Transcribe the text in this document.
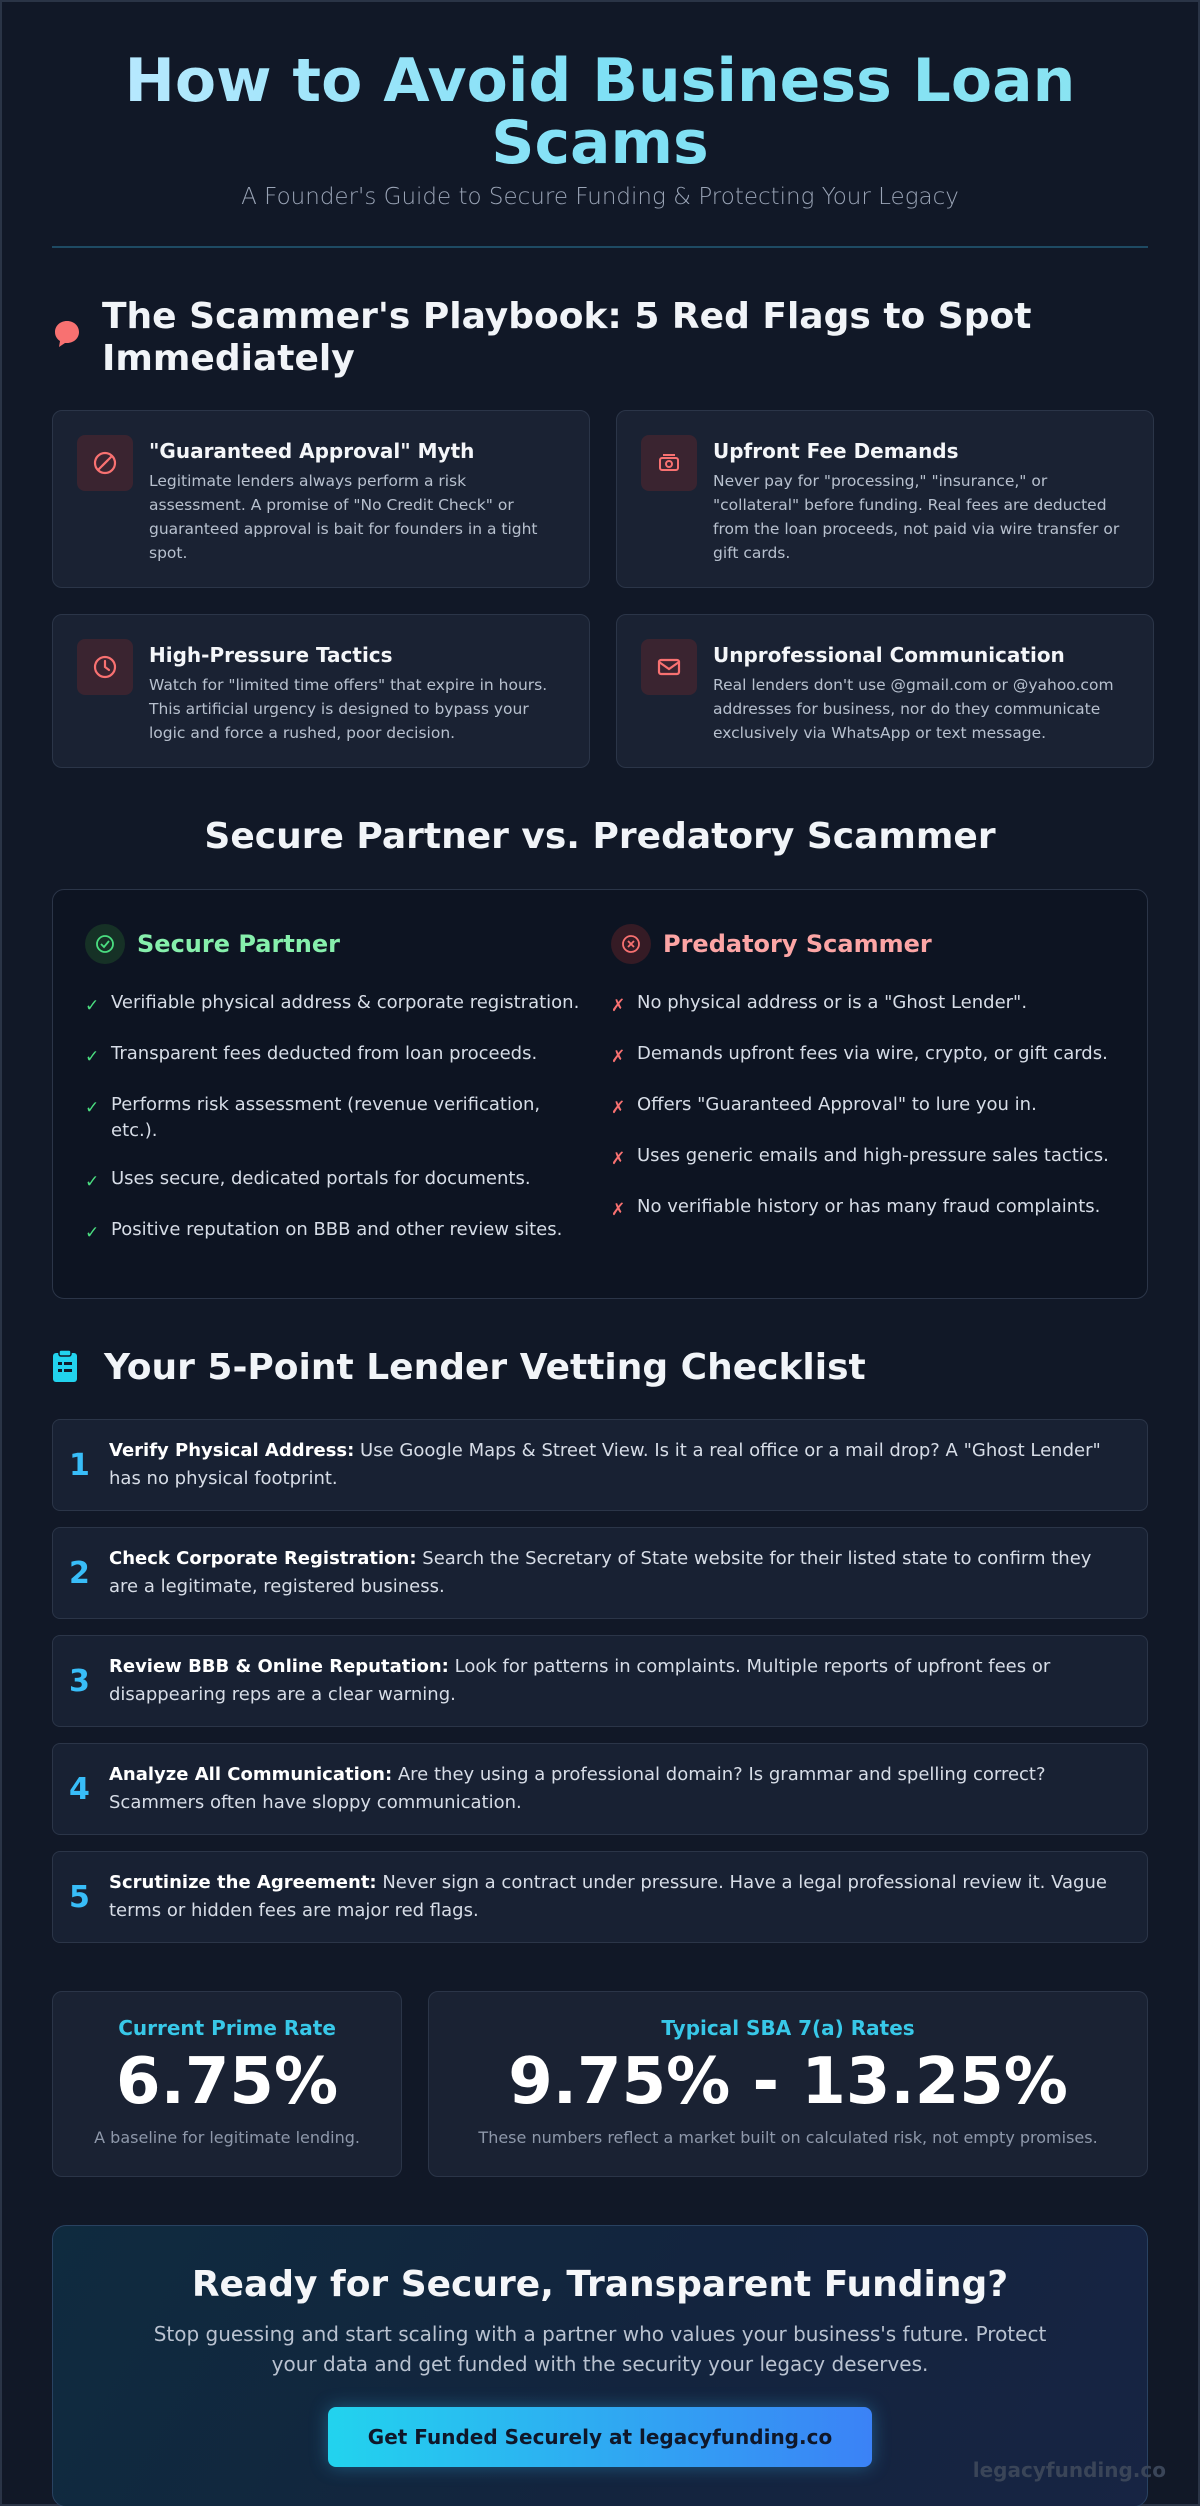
How to Avoid Business Loan Scams
A Founder's Guide to Secure Funding & Protecting Your Legacy
The Scammer's Playbook: 5 Red Flags to Spot Immediately
"Guaranteed Approval" Myth
Legitimate lenders always perform a risk assessment. A promise of "No Credit Check" or guaranteed approval is bait for founders in a tight spot.
Upfront Fee Demands
Never pay for "processing," "insurance," or "collateral" before funding. Real fees are deducted from the loan proceeds, not paid via wire transfer or gift cards.
High-Pressure Tactics
Watch for "limited time offers" that expire in hours. This artificial urgency is designed to bypass your logic and force a rushed, poor decision.
Unprofessional Communication
Real lenders don't use @gmail.com or @yahoo.com addresses for business, nor do they communicate exclusively via WhatsApp or text message.
Secure Partner vs. Predatory Scammer
Secure Partner
✓ Verifiable physical address & corporate registration.
✓ Transparent fees deducted from loan proceeds.
✓ Performs risk assessment (revenue verification, etc.).
✓ Uses secure, dedicated portals for documents.
✓ Positive reputation on BBB and other review sites.
Predatory Scammer
✗ No physical address or is a "Ghost Lender".
✗ Demands upfront fees via wire, crypto, or gift cards.
✗ Offers "Guaranteed Approval" to lure you in.
✗ Uses generic emails and high-pressure sales tactics.
✗ No verifiable history or has many fraud complaints.
Your 5-Point Lender Vetting Checklist
1	Verify Physical Address: Use Google Maps & Street View. Is it a real office or a mail drop? A "Ghost Lender" has no physical footprint.
2	Check Corporate Registration: Search the Secretary of State website for their listed state to confirm they are a legitimate, registered business.
3	Review BBB & Online Reputation: Look for patterns in complaints. Multiple reports of upfront fees or disappearing reps are a clear warning.
4	Analyze All Communication: Are they using a professional domain? Is grammar and spelling correct? Scammers often have sloppy communication.
5	Scrutinize the Agreement: Never sign a contract under pressure. Have a legal professional review it. Vague terms or hidden fees are major red flags.
Current Prime Rate
6.75%
A baseline for legitimate lending.
Typical SBA 7(a) Rates
9.75% - 13.25%
These numbers reflect a market built on calculated risk, not empty promises.
Ready for Secure, Transparent Funding?

Stop guessing and start scaling with a partner who values your business's future. Protect your data and get funded with the security your legacy deserves.

Get Funded Securely at legacyfunding.co
legacyfunding.co
